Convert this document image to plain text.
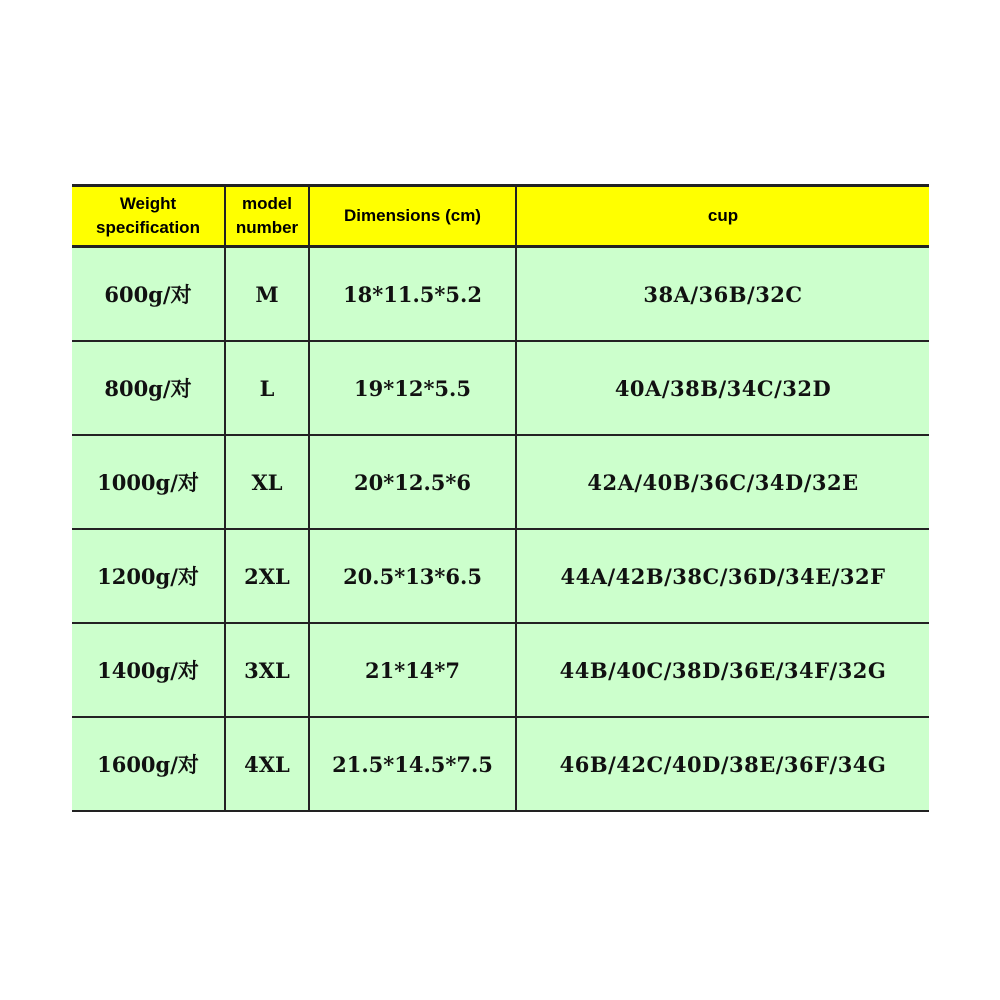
Weight specification	model number	Dimensions (cm)	cup
600g/对	M	18*11.5*5.2	38A/36B/32C
800g/对	L	19*12*5.5	40A/38B/34C/32D
1000g/对	XL	20*12.5*6	42A/40B/36C/34D/32E
1200g/对	2XL	20.5*13*6.5	44A/42B/38C/36D/34E/32F
1400g/对	3XL	21*14*7	44B/40C/38D/36E/34F/32G
1600g/对	4XL	21.5*14.5*7.5	46B/42C/40D/38E/36F/34G
